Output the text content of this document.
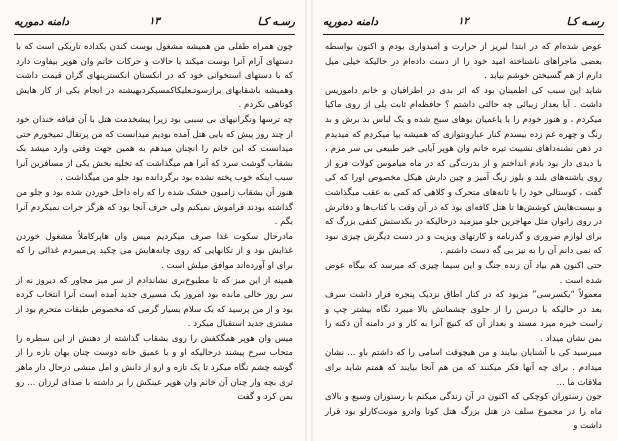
رسـه کـا
۱۳
دامنه دموریه

چون همراه طفلی من همیشه مشغول بوست کندن بکداده تاریکی است که با دستهای آرام آنرا بوست میکند با حالات و حرکات خانم وان هوپر بیفاوت دارد که با دستهای استخوانی خود که در انکستان انکسترینهای گران قیمت داشت وهمیشه باشقابهای برازسوتـعلیکاکمسیکردبهیشته در انجام بکی از کار هایش کوتاهی نکردم .

چه ترسها ونگرانیهای بی سببی بود زیرا پیشخدمت هتل با آن فیافه خندان خود از چند روز پیش که بایی هتل آمده بودیم میدانست که من پرتقال تمیخورم حتی میدانست که این خانم را انچنان میدهم به همین جهت وقتی وارد میشد بک بشقاب گوشت سرد که آنرا هم میگذاشت که تخلیه بخش یکی از مسافرین آنرا سبب اینکه خوب پخته نشده بود برگردانده بود جلو من میگذاشت .

هنوز آن بشقاب زامبون خشک شده را که راه داخل خوردن شده بود و جلو من گذاشته بودند فراموش نمیکنم ولی حرف آنجا بود که هرگز جرات نمیکردم آنرا بگم .

مادرحال سکوت غذا صرف میکردیم میس وان هاپرکاملاً مشغول خوردن غذایش بود و از تکانهایی که روی چانه‌هایش می چکید پی‌میبردم غذائی را که برای او آورده‌اند موافق میلش است .

همینه از این میز که تا مطبوخ‌بری نشاندادم از سر میز مجاور که دیروز نه از سر روز خالی مانده بود امروز یک مسیری جدید آمده است آنرا انتخاب کرده بود و از من پرسید که بک سلام بسیار گرمی که مخصوص طبقات متحرم بود از مشتری جدید استقبال میکرد .

میس وان هوپر همگکفش را روی بشقاب گذاشته از دهنش از این سطره را متحاب سرخ پیشند درحالیکه او و با عمیق خانه دوست چنان بهان نازه را از گوشه چشم نگاه میکرد تا یک تازه و ارو از دانش و امل منشی درحال دار ماهر ثری بچه وار چنان آن خانم وان هوپر عینکش را بر داشته با صدای لرزان ... رو بمن کرد و گفت

رسـه کـا
۱۲
دامنه دموریه

عوض شده‌ام که در ابتدا لبریز از حرارت و امیدواری بودم و اکنون بواسطه بعضی ماجراهای ناشناخته امید خود را از دست داده‌ام در حالیکه خیلی میل دارم از هم گسیختن خوشم بیاید .

شاید این سبب کی اطمینان بود که اثر بدی در اطرافیان و خانم داموریس داشت . آیا بعداز زیبائی چه حالتی داشتم ؟ حافظه‌ام ثابت بلی از روی ماکیا میکردم ، و هنوز خودم را با یاعمیان بوهای سبح شده و یک لباس بد برش و بد رنگ و چهره غم زده بیسدم کنار عبارونتوازی که همیشه بیا میکردم که میدیدم در ذهن نشنه‌داهای نشیبت تیره خانم وان هوپر آیایی خیر طبیعی بی سر مزم ، با دیدی دار بود بادم انداختم و از بدرت‌گی که در ماه میاموس کولات فرو از روی یاشنه‌های بلند و بلوز زیگ آمیز و چین دارش هیکل مخصوص اورا که کی گفت ، کوستالی خود را با ثانه‌های متحرک و کلاهی که کمی به عقب میگذاشت و بیست‌هایش کوشش‌ها تا هتل کافه‌ای بود که در آن وقت با کتاب‌ها و دفاترش در روی زانوان مثل مهاجرین جلو میزمید درحالیکه در بکدستش کتفی بزرگ که برای لوازم ضروری و گذرنامه و کارتهای ویزیت و در دست دیگرش چیزی نبود که نمی دانم آن را به نیز بی گه دست داشتم .

حتی اکنون هم بیاد آن زنده جنگ و این سیما چیزی که میرسد که بیگاه عوض شده است .

معمولاً “یکسرسی” مزبود که در کنار اطاق نزدیک پنجره فرار داشت سرف بعد در حالیکه با درسن را از جلوی چشمانش بالا میبرد نگاه بیشتر چپ و راست خیره میزد مسند و بعداز آن که کنیچ آنرا به کار و در دامنه آن دکنه را بمن نشان میداد .

میبرسید کی با آشنایان بیایند و من هیچوقت اسامی را که داشتم باو ... نشان میدادم . برای چه آنها فکر میکنند که من هم آنجا بیایند که همتم شاید برای ملاقات ما ...

جون رستوران کوچکی که اکنون در آن زندگی میکنم با رستوران وسیع و بالای ماه را در مجموع سلف در هتل بزرگ هتل کوتا وادرو مونت‌کارلو بود قرار داشت و
